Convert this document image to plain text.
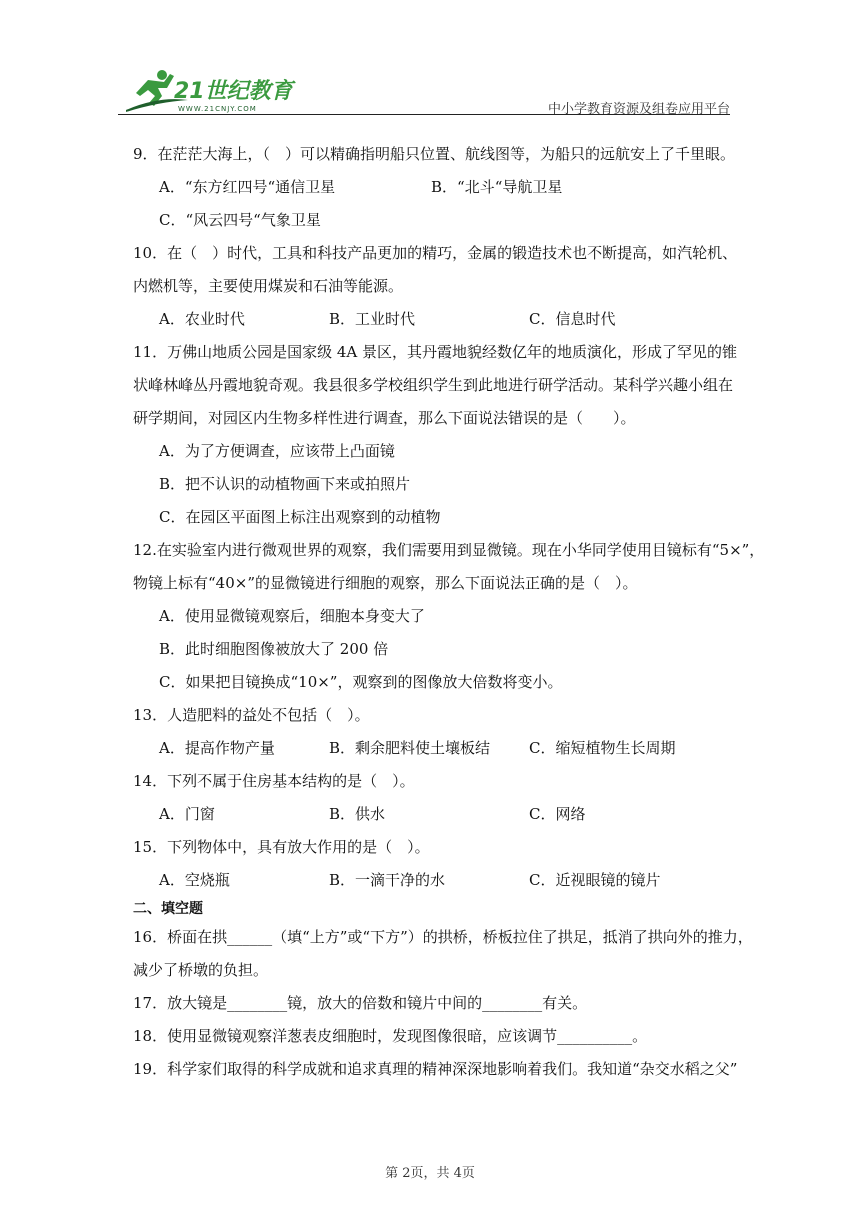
21世纪教育
WWW.21CNJY.COM	中小学教育资源及组卷应用平台
9．在茫茫大海上，（　）可以精确指明船只位置、航线图等，为船只的远航安上了千里眼。
A．“东方红四号“通信卫星	B．“北斗“导航卫星
C．“风云四号“气象卫星
10．在（　）时代，工具和科技产品更加的精巧，金属的锻造技术也不断提高，如汽轮机、
内燃机等，主要使用煤炭和石油等能源。
A．农业时代	B．工业时代	C．信息时代
11．万佛山地质公园是国家级 4A 景区，其丹霞地貌经数亿年的地质演化，形成了罕见的锥
状峰林峰丛丹霞地貌奇观。我县很多学校组织学生到此地进行研学活动。某科学兴趣小组在
研学期间，对园区内生物多样性进行调查，那么下面说法错误的是（　　）。
A．为了方便调查，应该带上凸面镜
B．把不认识的动植物画下来或拍照片
C．在园区平面图上标注出观察到的动植物
12.在实验室内进行微观世界的观察，我们需要用到显微镜。现在小华同学使用目镜标有“5×”，
物镜上标有“40×”的显微镜进行细胞的观察，那么下面说法正确的是（　）。
A．使用显微镜观察后，细胞本身变大了
B．此时细胞图像被放大了 200 倍
C．如果把目镜换成“10×”，观察到的图像放大倍数将变小。
13．人造肥料的益处不包括（　）。
A．提高作物产量	B．剩余肥料使土壤板结	C．缩短植物生长周期
14．下列不属于住房基本结构的是（　）。
A．门窗	B．供水	C．网络
15．下列物体中，具有放大作用的是（　）。
A．空烧瓶	B．一滴干净的水	C．近视眼镜的镜片
二、填空题
16．桥面在拱______（填“上方”或“下方”）的拱桥，桥板拉住了拱足，抵消了拱向外的推力，
减少了桥墩的负担。
17．放大镜是________镜，放大的倍数和镜片中间的________有关。
18．使用显微镜观察洋葱表皮细胞时，发现图像很暗，应该调节__________。
19．科学家们取得的科学成就和追求真理的精神深深地影响着我们。我知道“杂交水稻之父”
第 2页，共 4页
